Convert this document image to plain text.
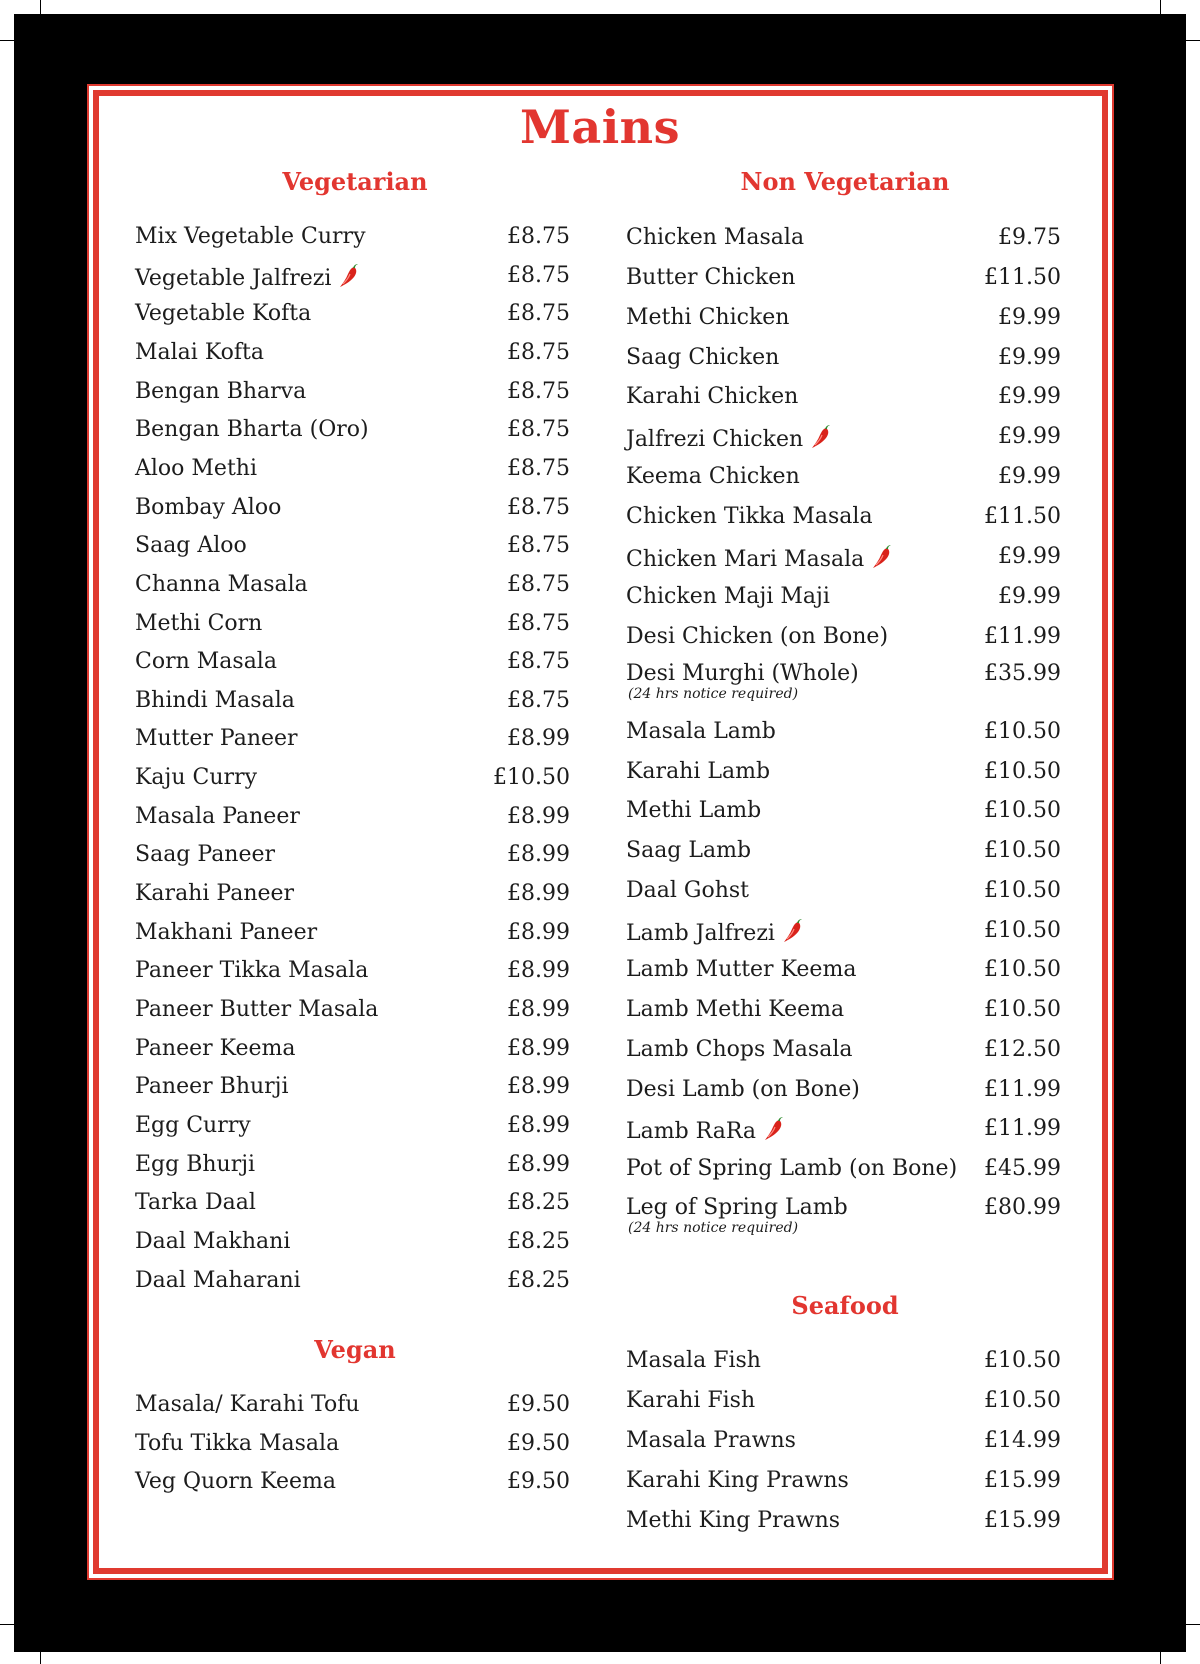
Mains
Vegetarian	Non Vegetarian
Vegan
Seafood
Mix Vegetable Curry	£8.75
Vegetable Jalfrezi	£8.75
Vegetable Kofta	£8.75
Malai Kofta	£8.75
Bengan Bharva	£8.75
Bengan Bharta (Oro)	£8.75
Aloo Methi	£8.75
Bombay Aloo	£8.75
Saag Aloo	£8.75
Channa Masala	£8.75
Methi Corn	£8.75
Corn Masala	£8.75
Bhindi Masala	£8.75
Mutter Paneer	£8.99
Kaju Curry	£10.50
Masala Paneer	£8.99
Saag Paneer	£8.99
Karahi Paneer	£8.99
Makhani Paneer	£8.99
Paneer Tikka Masala	£8.99
Paneer Butter Masala	£8.99
Paneer Keema	£8.99
Paneer Bhurji	£8.99
Egg Curry	£8.99
Egg Bhurji	£8.99
Tarka Daal	£8.25
Daal Makhani	£8.25
Daal Maharani	£8.25
Masala/ Karahi Tofu	£9.50
Tofu Tikka Masala	£9.50
Veg Quorn Keema	£9.50
Chicken Masala	£9.75
Butter Chicken	£11.50
Methi Chicken	£9.99
Saag Chicken	£9.99
Karahi Chicken	£9.99
Jalfrezi Chicken	£9.99
Keema Chicken	£9.99
Chicken Tikka Masala	£11.50
Chicken Mari Masala	£9.99
Chicken Maji Maji	£9.99
Desi Chicken (on Bone)	£11.99
Desi Murghi (Whole)	£35.99
(24 hrs notice required)
Masala Lamb	£10.50
Karahi Lamb	£10.50
Methi Lamb	£10.50
Saag Lamb	£10.50
Daal Gohst	£10.50
Lamb Jalfrezi	£10.50
Lamb Mutter Keema	£10.50
Lamb Methi Keema	£10.50
Lamb Chops Masala	£12.50
Desi Lamb (on Bone)	£11.99
Lamb RaRa	£11.99
Pot of Spring Lamb (on Bone)	£45.99
Leg of Spring Lamb	£80.99
(24 hrs notice required)
Masala Fish	£10.50
Karahi Fish	£10.50
Masala Prawns	£14.99
Karahi King Prawns	£15.99
Methi King Prawns	£15.99
